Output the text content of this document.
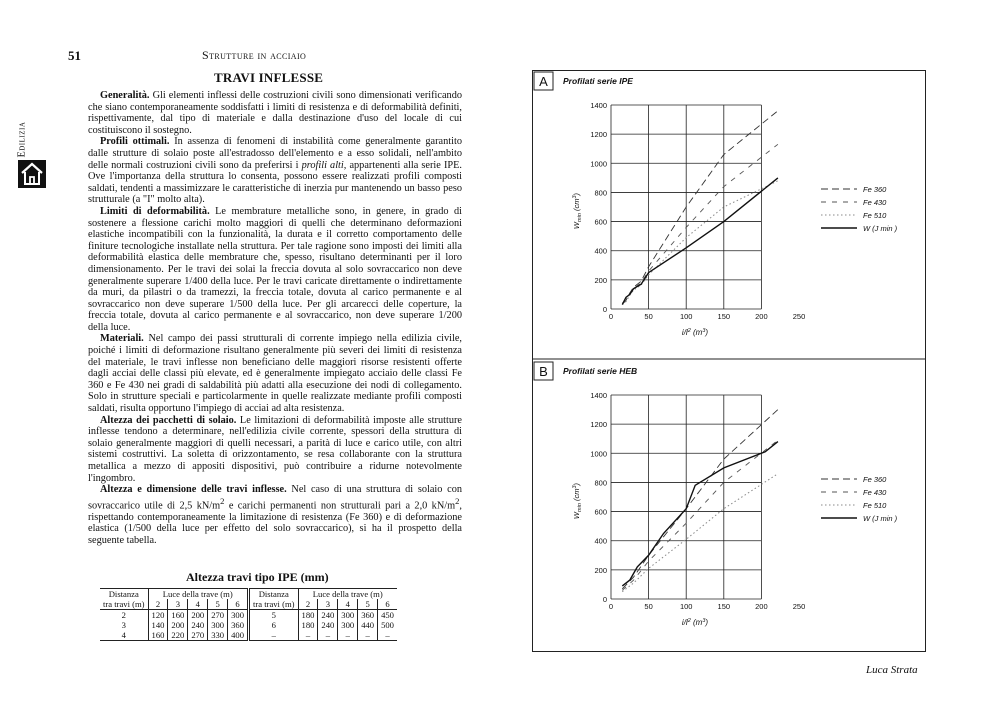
51	Strutture in acciaio
Edilizia
TRAVI INFLESSE

Generalità. Gli elementi inflessi delle costruzioni civili sono dimensionati verificando che siano contemporaneamente soddisfatti i limiti di resistenza e di deformabilità definiti, rispettivamente, dal tipo di materiale e dalla destinazione d'uso del locale di cui costituiscono il sostegno.

Profili ottimali. In assenza di fenomeni di instabilità come generalmente garantito dalle strutture di solaio poste all'estradosso dell'elemento e a esso solidali, nell'ambito delle normali costruzioni civili sono da preferirsi i profili alti, appartenenti alla serie IPE. Ove l'importanza della struttura lo consenta, possono essere realizzati profili composti saldati, tendenti a massimizzare le caratteristiche di inerzia pur mantenendo un basso peso strutturale (a "I" molto alta).

Limiti di deformabilità. Le membrature metalliche sono, in genere, in grado di sostenere a flessione carichi molto maggiori di quelli che determinano deformazioni elastiche incompatibili con la funzionalità, la durata e il corretto comportamento delle finiture tecnologiche installate nella struttura. Per tale ragione sono imposti dei limiti alla deformabilità elastica delle membrature che, spesso, risultano determinanti per il loro dimensionamento. Per le travi dei solai la freccia dovuta al solo sovraccarico non deve generalmente superare 1/400 della luce. Per le travi caricate direttamente o indirettamente da muri, da pilastri o da tramezzi, la freccia totale, dovuta al carico permanente e al sovraccarico non deve superare 1/500 della luce. Per gli arcarecci delle coperture, la freccia totale, dovuta al carico permanente e al sovraccarico, non deve superare 1/200 della luce.

Materiali. Nel campo dei passi strutturali di corrente impiego nella edilizia civile, poiché i limiti di deformazione risultano generalmente più severi dei limiti di resistenza del materiale, le travi inflesse non beneficiano delle maggiori risorse resistenti offerte dagli acciai delle classi più elevate, ed è generalmente impiegato acciaio delle classi Fe 360 e Fe 430 nei gradi di saldabilità più adatti alla esecuzione dei nodi di collegamento. Solo in strutture speciali e particolarmente in quelle realizzate mediante profili composti saldati, risulta opportuno l'impiego di acciai ad alta resistenza.

Altezza dei pacchetti di solaio. Le limitazioni di deformabilità imposte alle strutture inflesse tendono a determinare, nell'edilizia civile corrente, spessori della struttura di solaio generalmente maggiori di quelli necessari, a parità di luce e carico utile, con altri sistemi costruttivi. La soletta di orizzontamento, se resa collaborante con la struttura metallica a mezzo di appositi dispositivi, può contribuire a ridurne notevolmente l'ingombro.

Altezza e dimensione delle travi inflesse. Nel caso di una struttura di solaio con sovraccarico utile di 2,5 $kN/m^2$ e carichi permanenti non strutturali pari a 2,0 $kN/m^2$, rispettando contemporaneamente la limitazione di resistenza (Fe 360) e di deformazione elastica (1/500 della luce per effetto del solo sovraccarico), si ha il prospetto della seguente tabella.

Altezza travi tipo IPE (mm)
Distanza	Luce della trave (m)					Distanza	Luce della trave (m)				
tra travi (m)	2	3	4	5	6	tra travi (m)	2	3	4	5	6
2	120	160	200	270	300	5	180	240	300	360	450
3	140	200	240	300	360	6	180	240	300	440	500
4	160	220	270	330	400	–	–	–	–	–	–
A Profilati serie IPE
0	50	100	150	200	250
0
200
400
600
800
1000
1200
1400
$W_{min}$ $(cm^3)$
$i/l^2$ $(m^3)$
Fe 360
Fe 430
Fe 510
W (J min )
B Profilati serie HEB
0	50	100	150	200	250
0
200
400
600
800
1000
1200
1400
$W_{min}$ $(cm^3)$
$i/l^2$ $(m^3)$
Fe 360
Fe 430
Fe 510
W (J min )
Luca Strata
